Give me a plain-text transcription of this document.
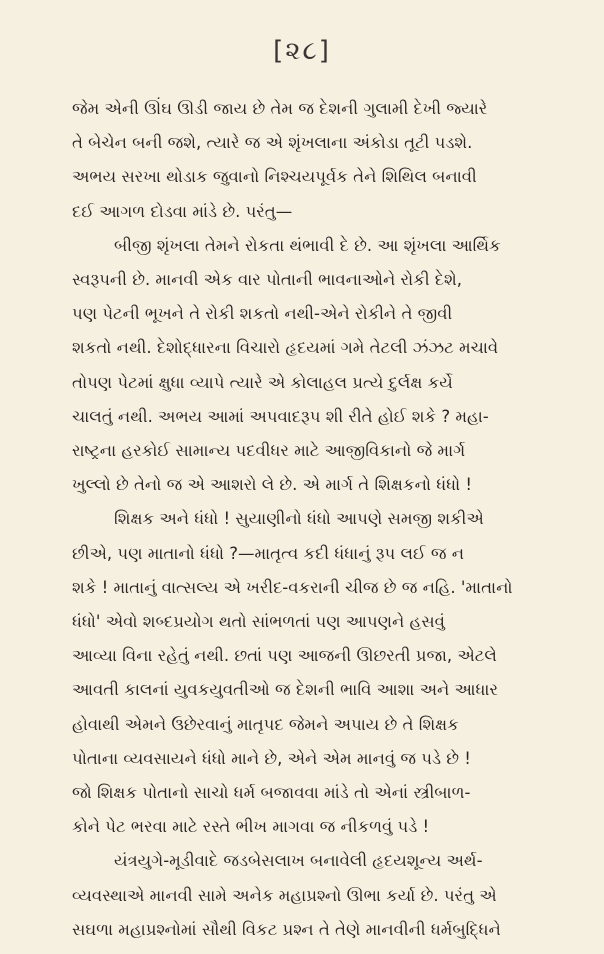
[૨૮]

જેમ એની ઊંઘ ઊડી જાય છે તેમ જ દેશની ગુલામી દેખી જ્યારે
તે બેચેન બની જશે, ત્યારે જ એ શૃંખલાના અંકોડા તૂટી પડશે.
અભય સરખા થોડાક જુવાનો નિશ્ચયપૂર્વક તેને શિથિલ બનાવી
દઈ આગળ દોડવા માંડે છે. પરંતુ—

બીજી શૃંખલા તેમને રોકતા થંભાવી દે છે. આ શૃંખલા આર્થિક
સ્વરૂપની છે. માનવી એક વાર પોતાની ભાવનાઓને રોકી દેશે,
પણ પેટની ભૂખને તે રોકી શકતો નથી-એને રોકીને તે જીવી
શકતો નથી. દેશોદ્ધારના વિચારો હૃદયમાં ગમે તેટલી ઝંઝટ મચાવે
તોપણ પેટમાં ક્ષુધા વ્યાપે ત્યારે એ કોલાહલ પ્રત્યે દુર્લક્ષ કર્યે
ચાલતું નથી. અભય આમાં અપવાદરૂપ શી રીતે હોઈ શકે ? મહા-
રાષ્ટ્રના હરકોઈ સામાન્ય પદવીધર માટે આજીવિકાનો જે માર્ગ
ખુલ્લો છે તેનો જ એ આશરો લે છે. એ માર્ગ તે શિક્ષકનો ધંધો !

શિક્ષક અને ધંધો ! સુયાણીનો ધંધો આપણે સમજી શકીએ
છીએ, પણ માતાનો ધંધો ?—માતૃત્વ કદી ધંધાનું રૂપ લઈ જ ન
શકે ! માતાનું વાત્સલ્ય એ ખરીદ-વકરાની ચીજ છે જ નહિ. 'માતાનો
ધંધો' એવો શબ્દપ્રયોગ થતો સાંભળતાં પણ આપણને હસવું
આવ્યા વિના રહેતું નથી. છતાં પણ આજની ઊછરતી પ્રજા, એટલે
આવતી કાલનાં યુવકયુવતીઓ જ દેશની ભાવિ આશા અને આધાર
હોવાથી એમને ઉછેરવાનું માતૃપદ જેમને અપાય છે તે શિક્ષક
પોતાના વ્યવસાયને ધંધો માને છે, એને એમ માનવું જ પડે છે !
જો શિક્ષક પોતાનો સાચો ધર્મ બજાવવા માંડે તો એનાં સ્ત્રીબાળ-
કોને પેટ ભરવા માટે રસ્તે ભીખ માગવા જ નીકળવું પડે !

યંત્રયુગે-મૂડીવાદે જડબેસલાખ બનાવેલી હૃદયશૂન્ય અર્થ-
વ્યવસ્થાએ માનવી સામે અનેક મહાપ્રશ્નો ઊભા કર્યા છે. પરંતુ એ
સઘળા મહાપ્રશ્નોમાં સૌથી વિકટ પ્રશ્ન તે તેણે માનવીની ધર્મબુદ્ધિને
